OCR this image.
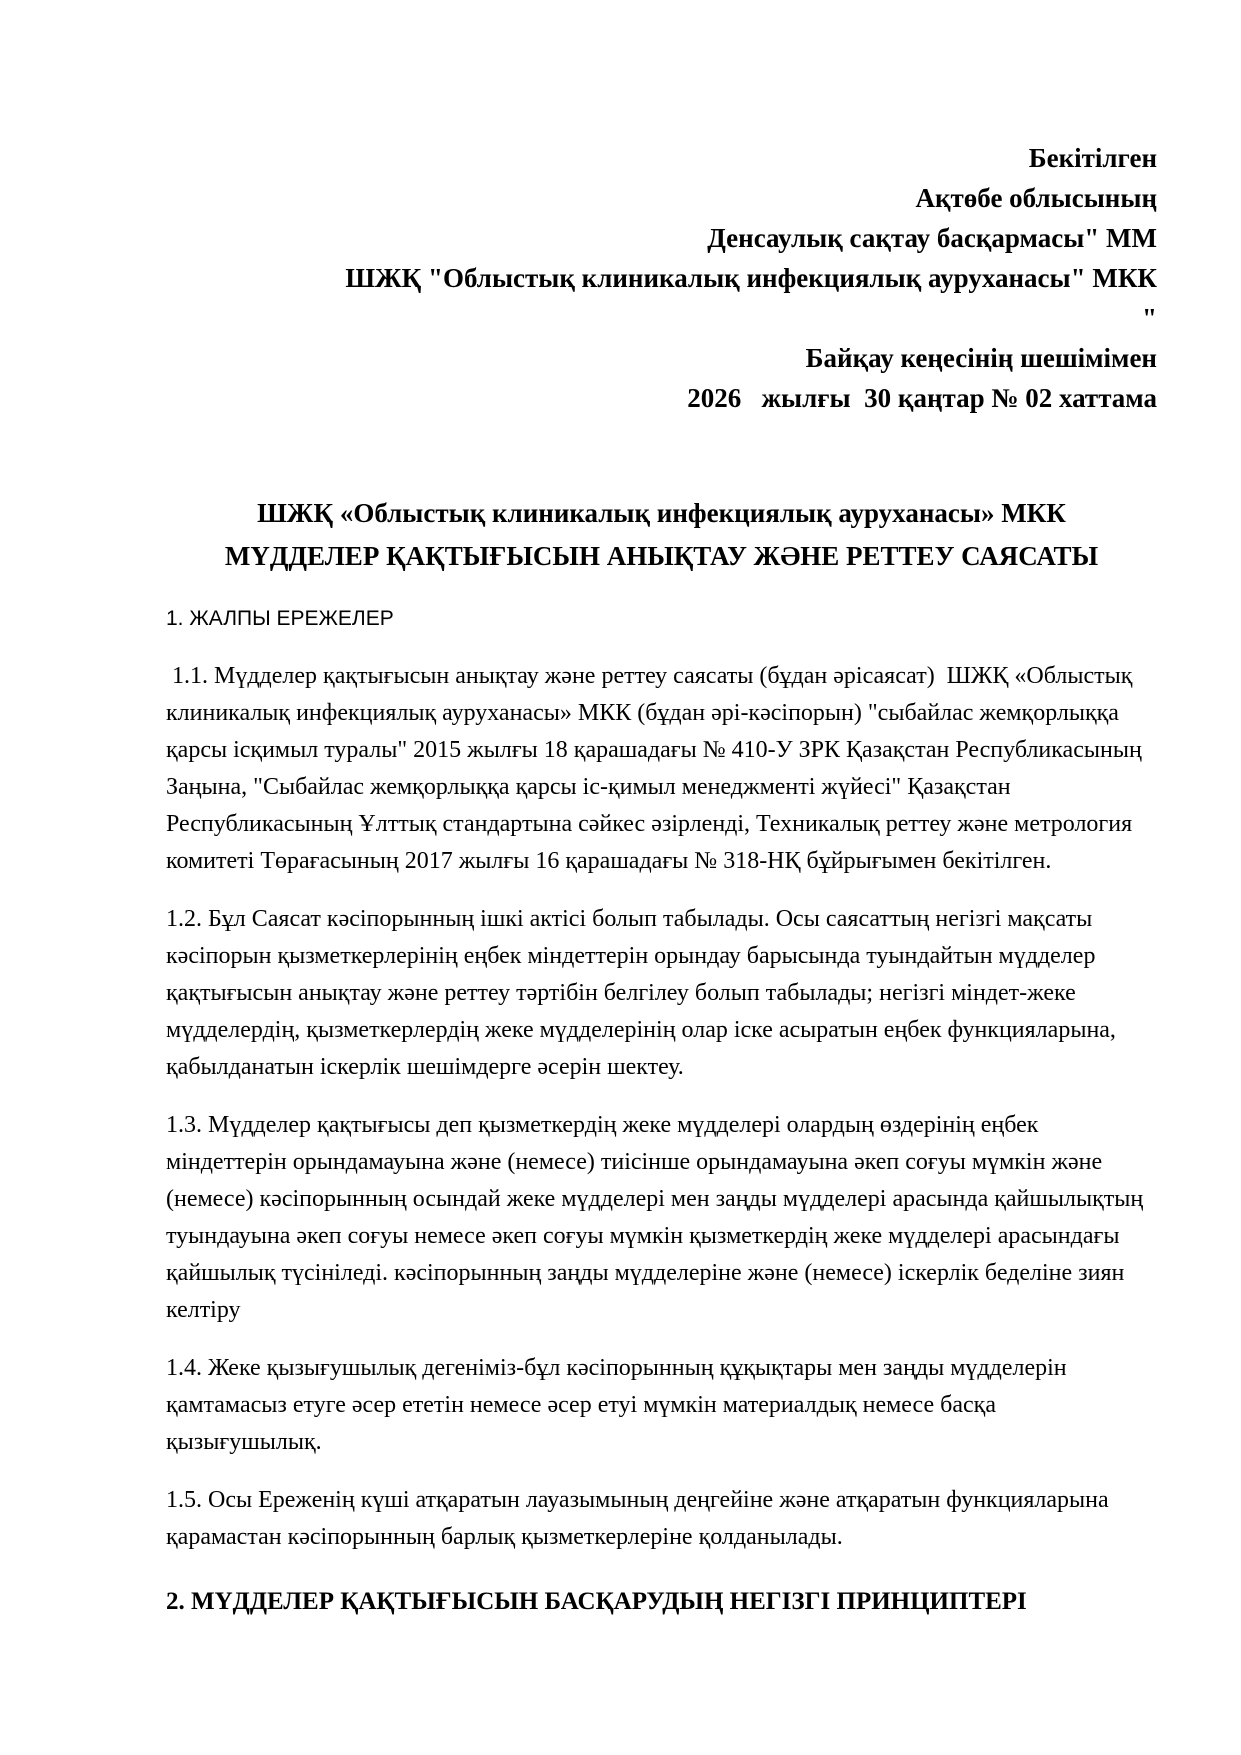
Бекітілген
Ақтөбе облысының
Денсаулық сақтау басқармасы" ММ
ШЖҚ "Облыстық клиникалық инфекциялық ауруханасы" МКК
"
Байқау кеңесінің шешімімен
2026   жылғы  30 қаңтар № 02 хаттама
ШЖҚ «Облыстық клиникалық инфекциялық ауруханасы» МКК
МҮДДЕЛЕР ҚАҚТЫҒЫСЫН АНЫҚТАУ ЖӘНЕ РЕТТЕУ САЯСАТЫ
1. ЖАЛПЫ ЕРЕЖЕЛЕР

1.1. Мүдделер қақтығысын анықтау және реттеу саясаты (бұдан әрісаясат)  ШЖҚ «Облыстық клиникалық инфекциялық ауруханасы» МКК (бұдан әрі-кәсіпорын) "сыбайлас жемқорлыққа қарсы ісқимыл туралы" 2015 жылғы 18 қарашадағы № 410-У ЗРК Қазақстан Республикасының Заңына, "Сыбайлас жемқорлыққа қарсы іс-қимыл менеджменті жүйесі" Қазақстан Республикасының Ұлттық стандартына сәйкес әзірленді, Техникалық реттеу және метрология комитеті Төрағасының 2017 жылғы 16 қарашадағы № 318-НҚ бұйрығымен бекітілген.

1.2. Бұл Саясат кәсіпорынның ішкі актісі болып табылады. Осы саясаттың негізгі мақсаты кәсіпорын қызметкерлерінің еңбек міндеттерін орындау барысында туындайтын мүдделер қақтығысын анықтау және реттеу тәртібін белгілеу болып табылады; негізгі міндет-жеке мүдделердің, қызметкерлердің жеке мүдделерінің олар іске асыратын еңбек функцияларына, қабылданатын іскерлік шешімдерге әсерін шектеу.

1.3. Мүдделер қақтығысы деп қызметкердің жеке мүдделері олардың өздерінің еңбек міндеттерін орындамауына және (немесе) тиісінше орындамауына әкеп соғуы мүмкін және (немесе) кәсіпорынның осындай жеке мүдделері мен заңды мүдделері арасында қайшылықтың туындауына әкеп соғуы немесе әкеп соғуы мүмкін қызметкердің жеке мүдделері арасындағы қайшылық түсініледі. кәсіпорынның заңды мүдделеріне және (немесе) іскерлік беделіне зиян келтіру

1.4. Жеке қызығушылық дегеніміз-бұл кәсіпорынның құқықтары мен заңды мүдделерін қамтамасыз етуге әсер ететін немесе әсер етуі мүмкін материалдық немесе басқа қызығушылық.

1.5. Осы Ереженің күші атқаратын лауазымының деңгейіне және атқаратын функцияларына қарамастан кәсіпорынның барлық қызметкерлеріне қолданылады.

2. МҮДДЕЛЕР ҚАҚТЫҒЫСЫН БАСҚАРУДЫҢ НЕГІЗГІ ПРИНЦИПТЕРІ
